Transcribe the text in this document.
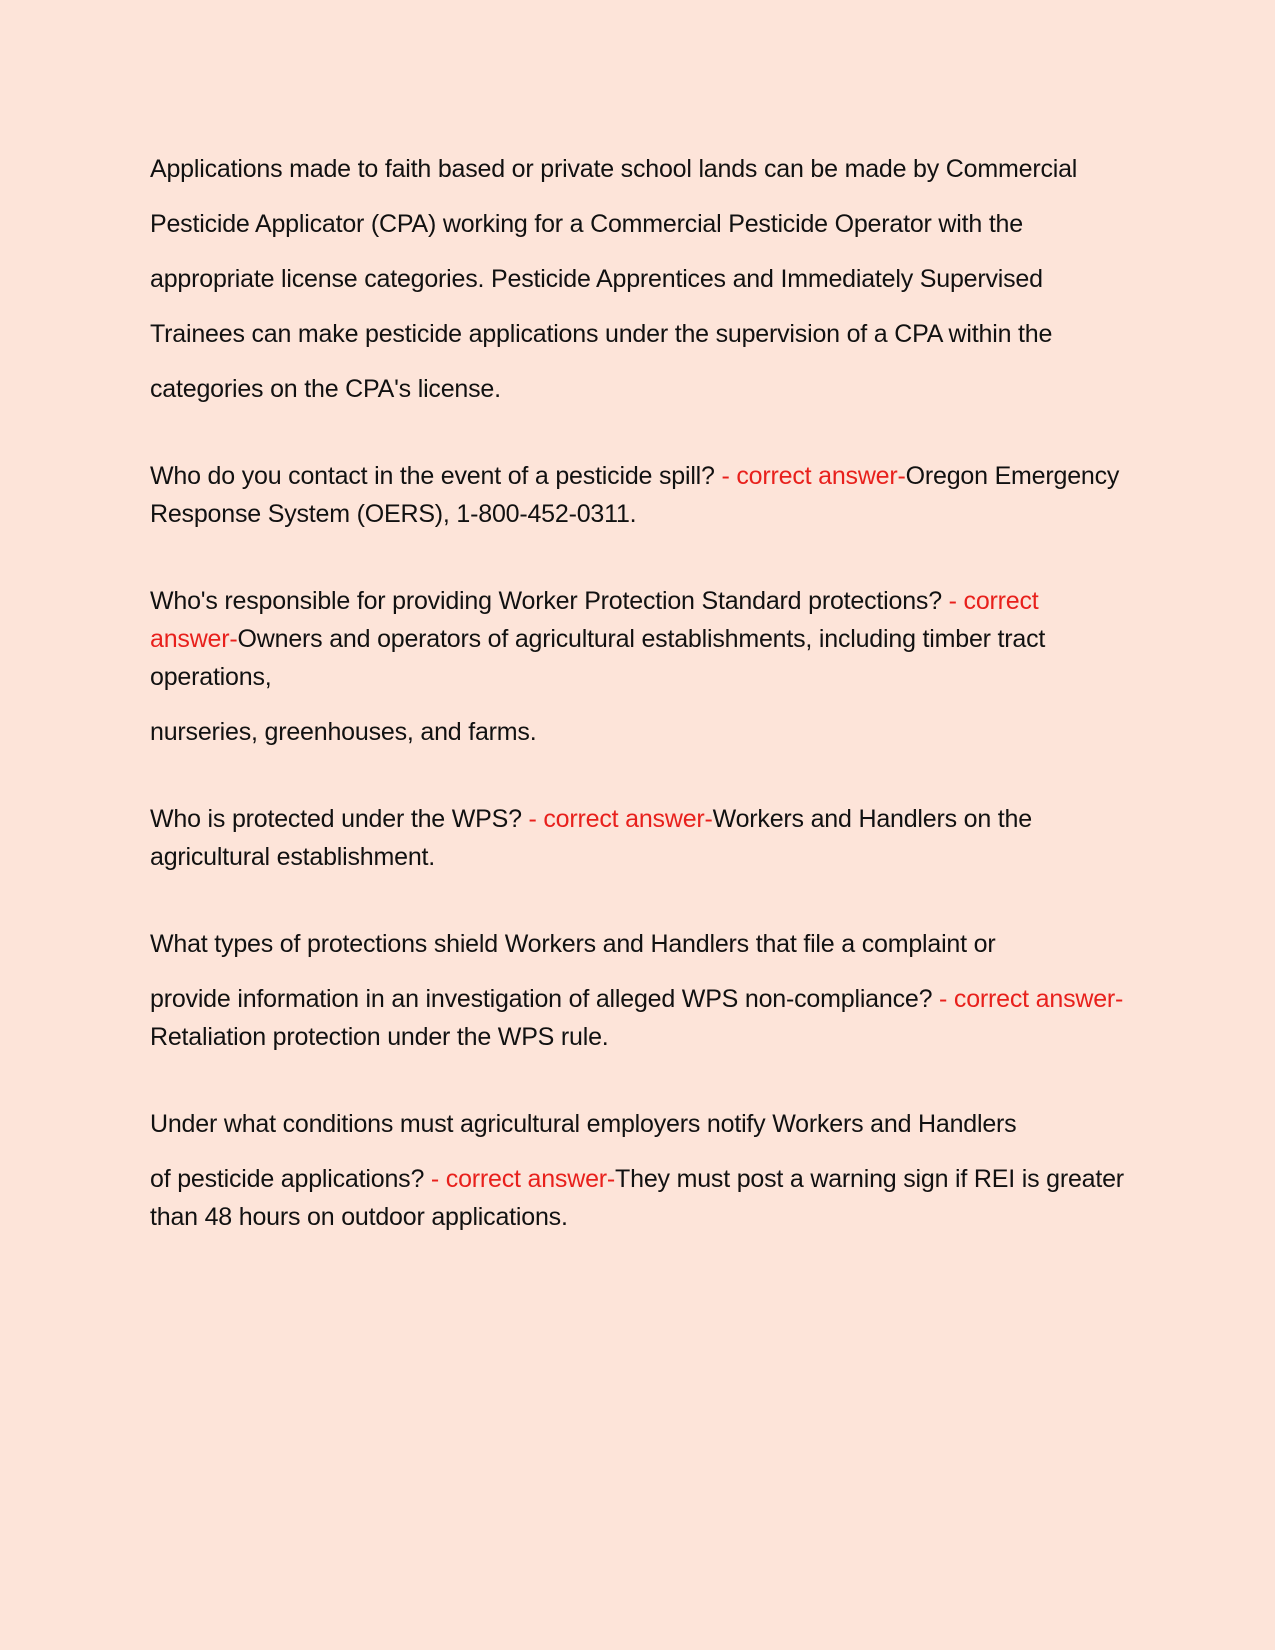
Applications made to faith based or private school lands can be made by Commercial

Pesticide Applicator (CPA) working for a Commercial Pesticide Operator with the

appropriate license categories. Pesticide Apprentices and Immediately Supervised

Trainees can make pesticide applications under the supervision of a CPA within the

categories on the CPA's license.

Who do you contact in the event of a pesticide spill? - correct answer-Oregon Emergency Response System (OERS), 1-800-452-0311.

Who's responsible for providing Worker Protection Standard protections? - correct answer-Owners and operators of agricultural establishments, including timber tract operations,

nurseries, greenhouses, and farms.

Who is protected under the WPS? - correct answer-Workers and Handlers on the agricultural establishment.

What types of protections shield Workers and Handlers that file a complaint or

provide information in an investigation of alleged WPS non-compliance? - correct answer-Retaliation protection under the WPS rule.

Under what conditions must agricultural employers notify Workers and Handlers

of pesticide applications? - correct answer-They must post a warning sign if REI is greater than 48 hours on outdoor applications.
